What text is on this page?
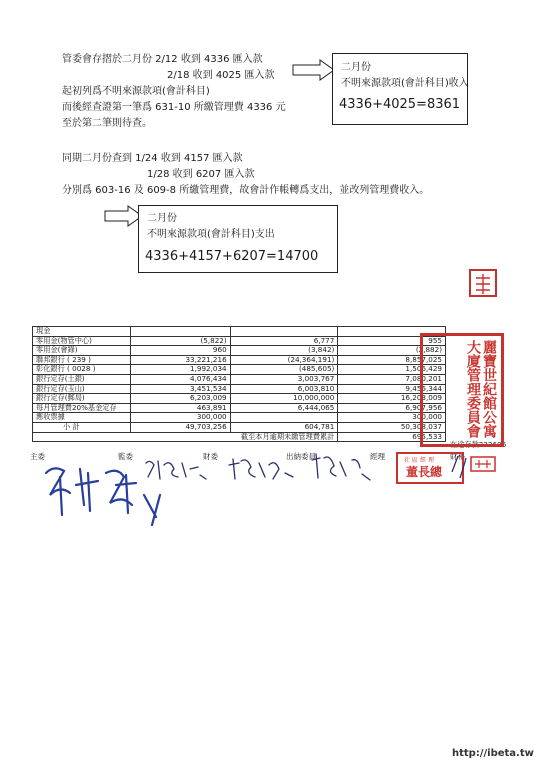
管委會存摺於二月份 2/12 收到 4336 匯入款
2/18 收到 4025 匯入款
起初列爲不明來源款項(會計科目)
而後經查證第一筆爲 631-10 所繳管理費 4336 元
至於第二筆則待查。
二月份
不明來源款項(會計科目)收入
4336+4025=8361
同期二月份查到 1/24 收到 4157 匯入款
1/28 收到 6207 匯入款
分別爲 603-16 及 609-8 所繳管理費，故會計作帳轉爲支出，並改列管理費收入。
二月份
不明來源款項(會計科目)支出
4336+4157+6207=14700
現金			
零用金(物管中心)	(5,822)	6,777	955
零用金(會錄)	960	(3,842)	(2,882)
聯邦銀行 ( 239 )	33,221,216	(24,364,191)	8,857,025
彰化銀行 ( 0028 )	1,992,034	(485,605)	1,506,429
銀行定存(土銀)	4,076,434	3,003,767	7,080,201
銀行定存(玉山)	3,451,534	6,003,810	9,455,344
銀行定存(郵局)	6,203,009	10,000,000	16,203,009
每月管理費20%基金定存	463,891	6,444,065	6,907,956
應收票據	300,000		300,000
小 計	49,703,256	604,781	50,308,037
截至本月逾期未繳管理費累計			695,533
在途存款222606
主委	監委	財委	出納委員	經理	財秘
麗寶世紀館公寓大廈管理委員會
社區經理
董長總
http://ibeta.tw
